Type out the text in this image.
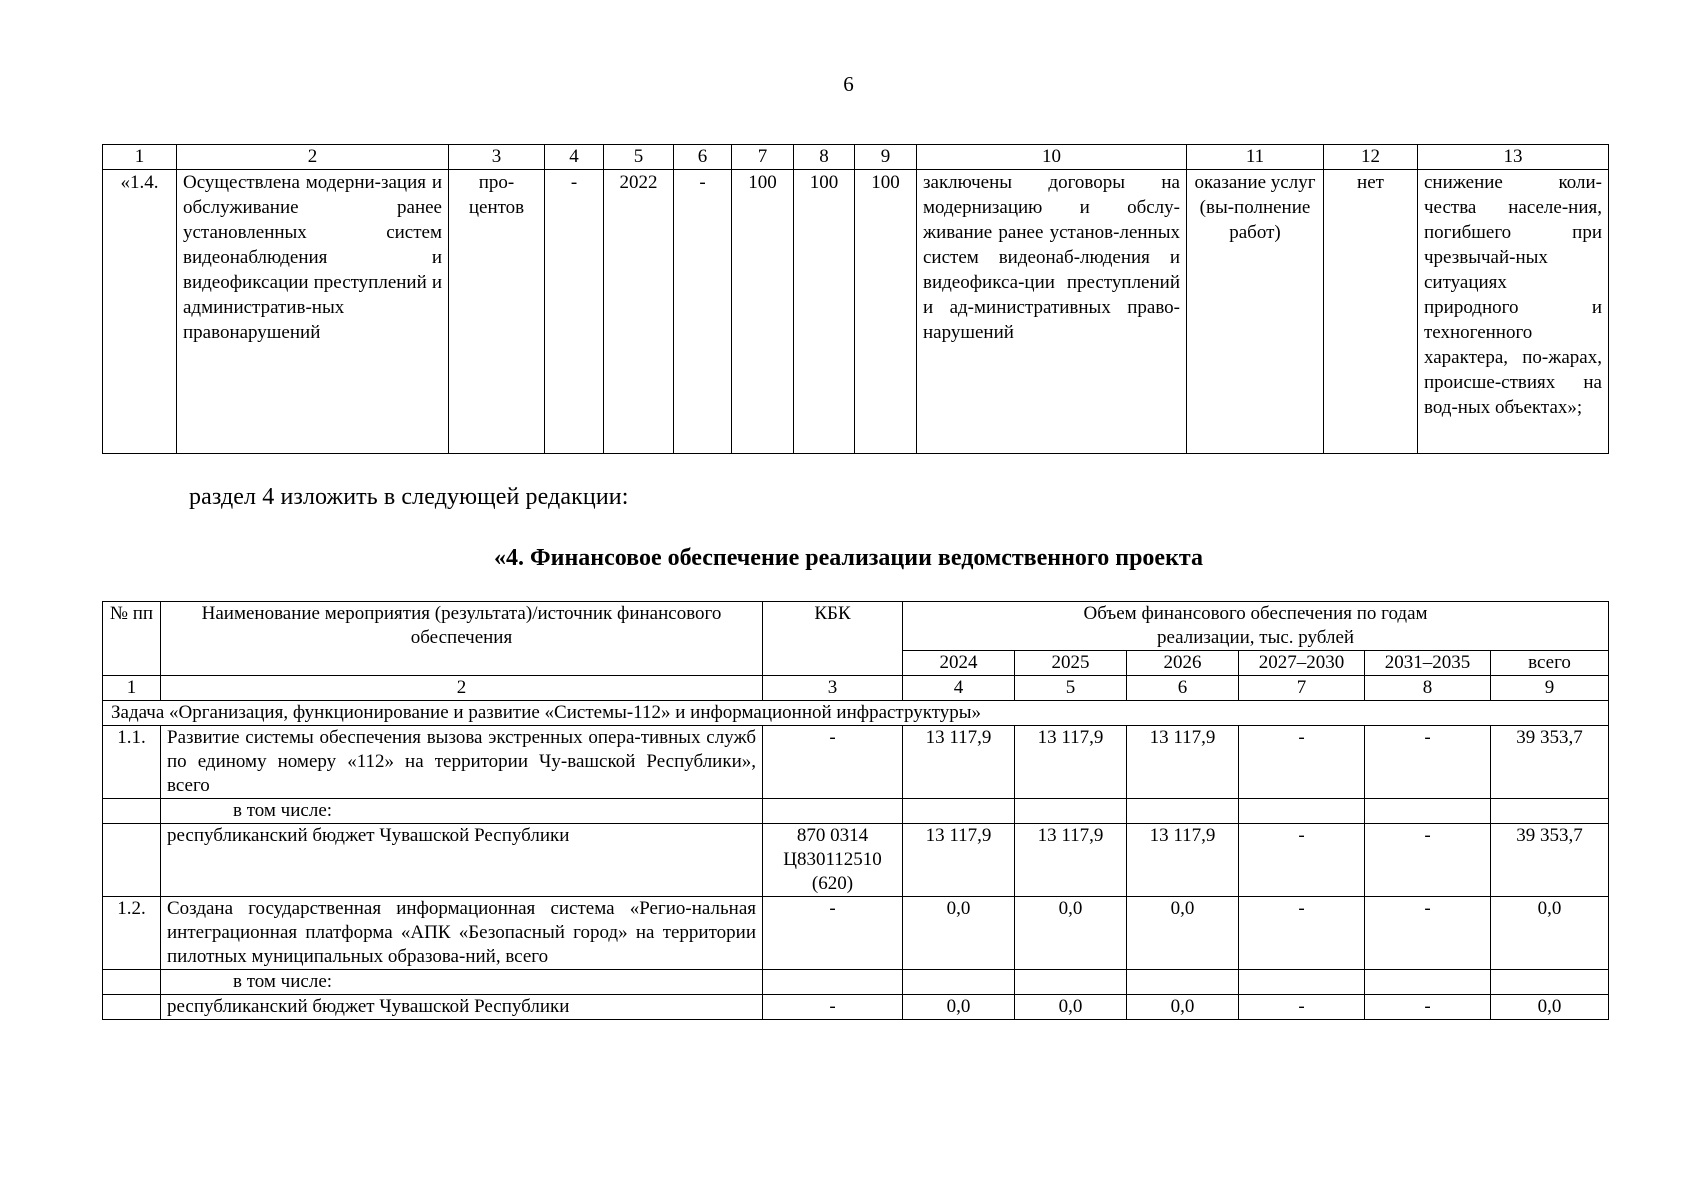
6
1	2	3	4	5	6	7	8	9	10	11	12	13
«1.4.	Осуществлена модерни-зация и обслуживание ранее установленных систем видеонаблюдения и видеофиксации преступлений и административ-ных правонарушений	про-центов	-	2022	-	100	100	100	заключены договоры на модернизацию и обслу-живание ранее установ-ленных систем видеонаб-людения и видеофикса-ции преступлений и ад-министративных право-нарушений	оказание услуг (вы-полнение работ)	нет	снижение коли-чества населе-ния, погибшего при чрезвычай-ных ситуациях природного и техногенного характера, по-жарах, происше-ствиях на вод-ных объектах»;
раздел 4 изложить в следующей редакции:
«4. Финансовое обеспечение реализации ведомственного проекта
№ пп	Наименование мероприятия (результата)/источник финансового обеспечения	КБК	Объем финансового обеспечения по годам реализации, тыс. рублей					
			2024	2025	2026	2027–2030	2031–2035	всего
1	2	3	4	5	6	7	8	9
Задача «Организация, функционирование и развитие «Системы-112» и информационной инфраструктуры»								
1.1.	Развитие системы обеспечения вызова экстренных опера-тивных служб по единому номеру «112» на территории Чу-вашской Республики», всего	-	13 117,9	13 117,9	13 117,9	-	-	39 353,7
	в том числе:							
	республиканский бюджет Чувашской Республики	870 0314 Ц830112510 (620)	13 117,9	13 117,9	13 117,9	-	-	39 353,7
1.2.	Создана государственная информационная система «Регио-нальная интеграционная платформа «АПК «Безопасный город» на территории пилотных муниципальных образова-ний, всего	-	0,0	0,0	0,0	-	-	0,0
	в том числе:							
	республиканский бюджет Чувашской Республики	-	0,0	0,0	0,0	-	-	0,0
